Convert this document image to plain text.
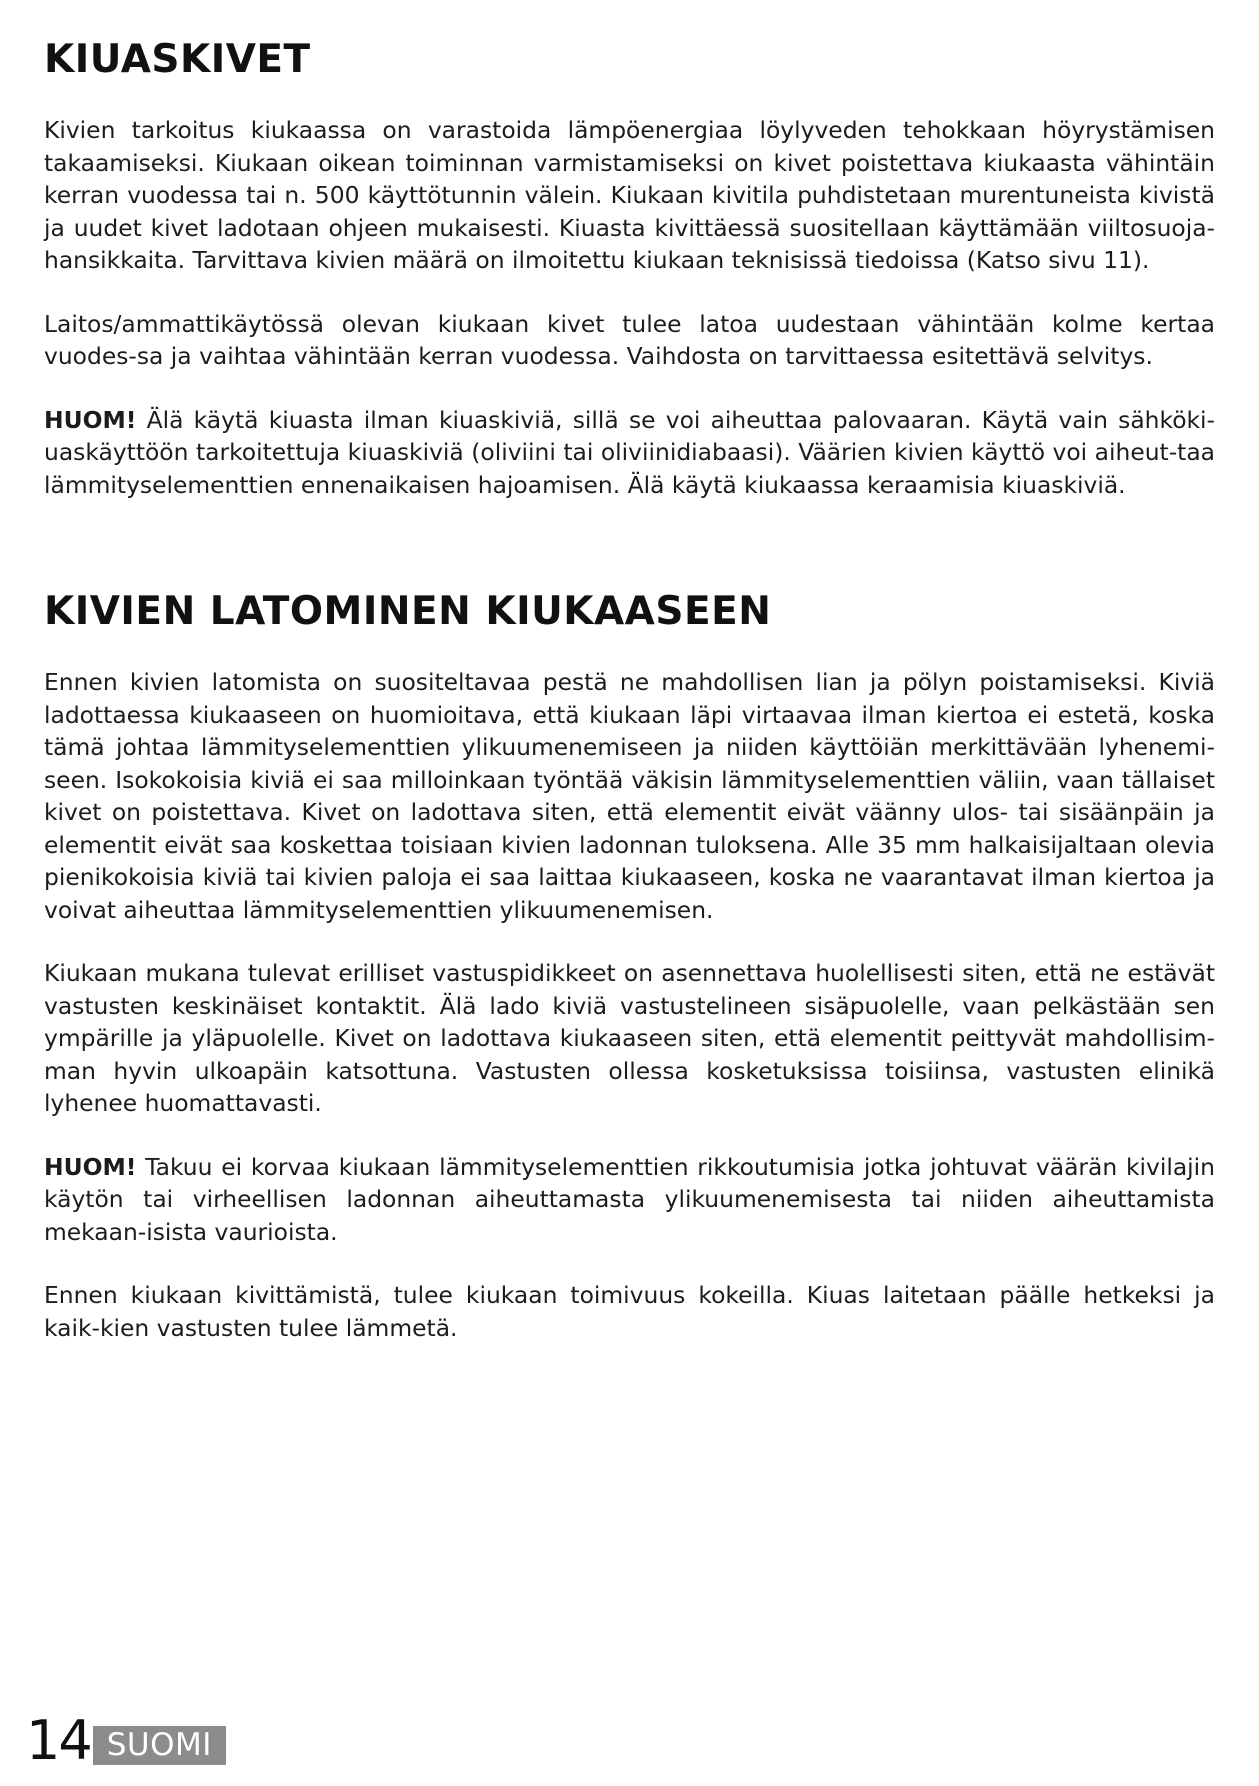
KIUASKIVET

Kivien tarkoitus kiukaassa on varastoida lämpöenergiaa löylyveden tehokkaan höyrystämisen takaamiseksi. Kiukaan oikean toiminnan varmistamiseksi on kivet poistettava kiukaasta vähintäin kerran vuodessa tai n. 500 käyttötunnin välein. Kiukaan kivitila puhdistetaan murentuneista kivistä ja uudet kivet ladotaan ohjeen mukaisesti. Kiuasta kivittäessä suositellaan käyttämään viiltosuoja-hansikkaita. Tarvittava kivien määrä on ilmoitettu kiukaan teknisissä tiedoissa (Katso sivu 11).

Laitos/ammattikäytössä olevan kiukaan kivet tulee latoa uudestaan vähintään kolme kertaa vuodes-sa ja vaihtaa vähintään kerran vuodessa. Vaihdosta on tarvittaessa esitettävä selvitys.

HUOM! Älä käytä kiuasta ilman kiuaskiviä, sillä se voi aiheuttaa palovaaran. Käytä vain sähköki-uaskäyttöön tarkoitettuja kiuaskiviä (oliviini tai oliviinidiabaasi). Väärien kivien käyttö voi aiheut-taa lämmityselementtien ennenaikaisen hajoamisen. Älä käytä kiukaassa keraamisia kiuaskiviä.

KIVIEN LATOMINEN KIUKAASEEN

Ennen kivien latomista on suositeltavaa pestä ne mahdollisen lian ja pölyn poistamiseksi. Kiviä ladottaessa kiukaaseen on huomioitava, että kiukaan läpi virtaavaa ilman kiertoa ei estetä, koska tämä johtaa lämmityselementtien ylikuumenemiseen ja niiden käyttöiän merkittävään lyhenemi-seen. Isokokoisia kiviä ei saa milloinkaan työntää väkisin lämmityselementtien väliin, vaan tällaiset kivet on poistettava. Kivet on ladottava siten, että elementit eivät väänny ulos- tai sisäänpäin ja elementit eivät saa koskettaa toisiaan kivien ladonnan tuloksena. Alle 35 mm halkaisijaltaan olevia pienikokoisia kiviä tai kivien paloja ei saa laittaa kiukaaseen, koska ne vaarantavat ilman kiertoa ja voivat aiheuttaa lämmityselementtien ylikuumenemisen.

Kiukaan mukana tulevat erilliset vastuspidikkeet on asennettava huolellisesti siten, että ne estävät vastusten keskinäiset kontaktit. Älä lado kiviä vastustelineen sisäpuolelle, vaan pelkästään sen ympärille ja yläpuolelle. Kivet on ladottava kiukaaseen siten, että elementit peittyvät mahdollisim-man hyvin ulkoapäin katsottuna. Vastusten ollessa kosketuksissa toisiinsa, vastusten elinikä lyhenee huomattavasti.

HUOM! Takuu ei korvaa kiukaan lämmityselementtien rikkoutumisia jotka johtuvat väärän kivilajin käytön tai virheellisen ladonnan aiheuttamasta ylikuumenemisesta tai niiden aiheuttamista mekaan-isista vaurioista.

Ennen kiukaan kivittämistä, tulee kiukaan toimivuus kokeilla. Kiuas laitetaan päälle hetkeksi ja kaik-kien vastusten tulee lämmetä.

14 SUOMI
